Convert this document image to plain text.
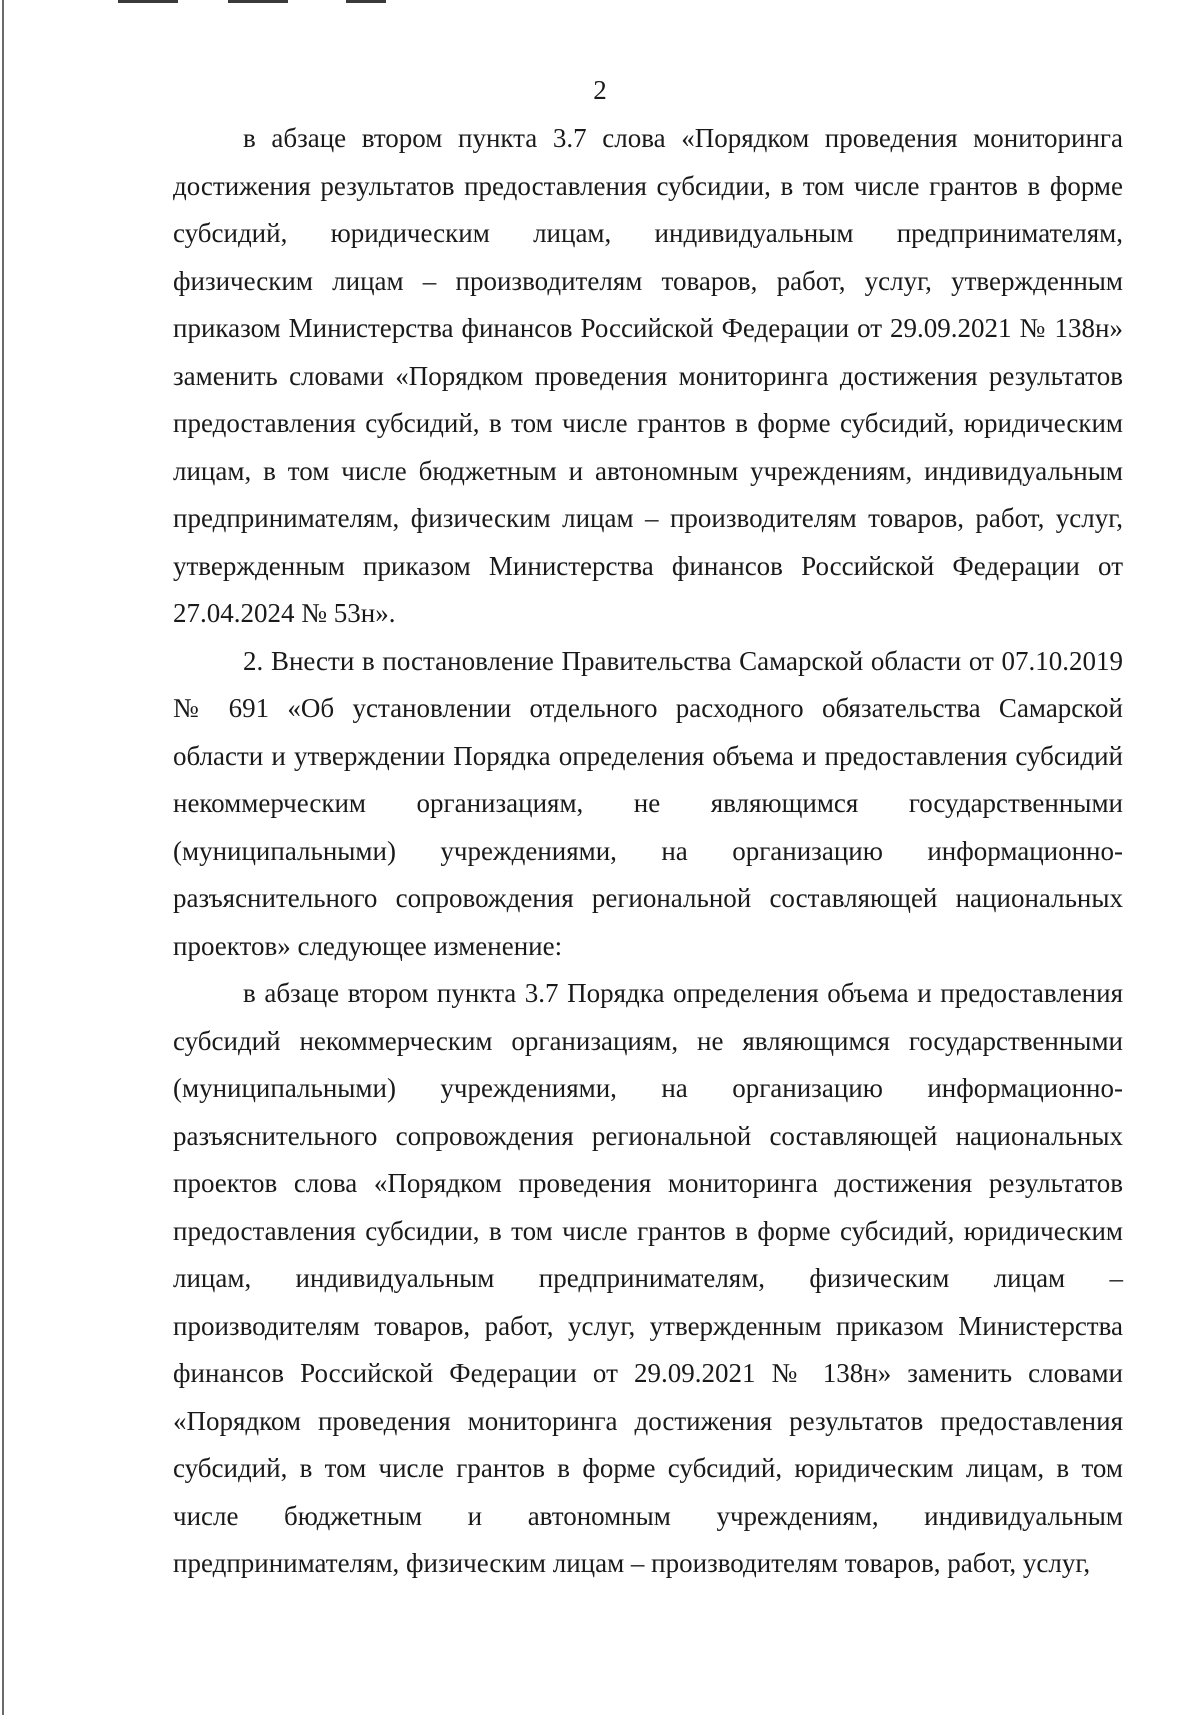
2

в абзаце втором пункта 3.7 слова «Порядком проведения мониторинга достижения результатов предоставления субсидии, в том числе грантов в форме субсидий, юридическим лицам, индивидуальным предпринимателям, физическим лицам – производителям товаров, работ, услуг, утвержденным приказом Министерства финансов Российской Федерации от 29.09.2021 № 138н» заменить словами «Порядком проведения мониторинга достижения результатов предоставления субсидий, в том числе грантов в форме субсидий, юридическим лицам, в том числе бюджетным и автономным учреждениям, индивидуальным предпринимателям, физическим лицам – производителям товаров, работ, услуг, утвержденным приказом Министерства финансов Российской Федерации от 27.04.2024 № 53н».

2. Внести в постановление Правительства Самарской области от 07.10.2019 № 691 «Об установлении отдельного расходного обязательства Самарской области и утверждении Порядка определения объема и предоставления субсидий некоммерческим организациям, не являющимся государственными (муниципальными) учреждениями, на организацию информационно-разъяснительного сопровождения региональной составляющей национальных проектов» следующее изменение:

в абзаце втором пункта 3.7 Порядка определения объема и предоставления субсидий некоммерческим организациям, не являющимся государственными (муниципальными) учреждениями, на организацию информационно-разъяснительного сопровождения региональной составляющей национальных проектов слова «Порядком проведения мониторинга достижения результатов предоставления субсидии, в том числе грантов в форме субсидий, юридическим лицам, индивидуальным предпринимателям, физическим лицам – производителям товаров, работ, услуг, утвержденным приказом Министерства финансов Российской Федерации от 29.09.2021 № 138н» заменить словами «Порядком проведения мониторинга достижения результатов предоставления субсидий, в том числе грантов в форме субсидий, юридическим лицам, в том числе бюджетным и автономным учреждениям, индивидуальным предпринимателям, физическим лицам – производителям товаров, работ, услуг,
